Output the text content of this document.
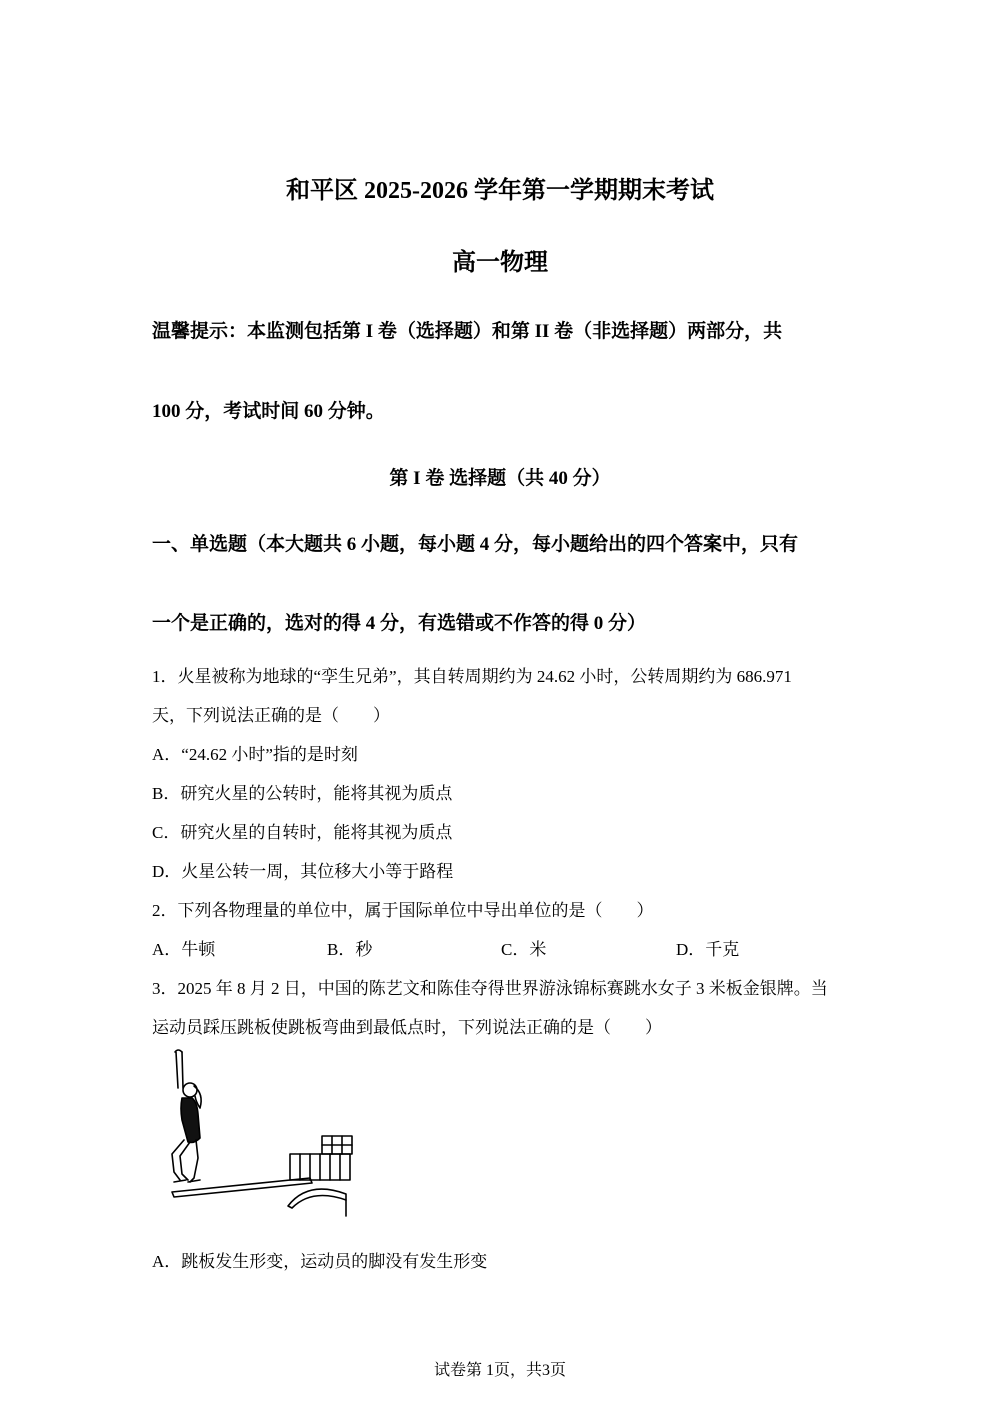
和平区 2025-2026 学年第一学期期末考试
高一物理
温馨提示：本监测包括第 I 卷（选择题）和第 II 卷（非选择题）两部分，共
100 分，考试时间 60 分钟。
第 I 卷 选择题（共 40 分）
一、单选题（本大题共 6 小题，每小题 4 分，每小题给出的四个答案中，只有
一个是正确的，选对的得 4 分，有选错或不作答的得 0 分）
1．火星被称为地球的“孪生兄弟”，其自转周期约为 24.62 小时，公转周期约为 686.971
天，下列说法正确的是（　　）
A．“24.62 小时”指的是时刻
B．研究火星的公转时，能将其视为质点
C．研究火星的自转时，能将其视为质点
D．火星公转一周，其位移大小等于路程
2．下列各物理量的单位中，属于国际单位中导出单位的是（　　）
A．牛顿	B．秒	C．米	D．千克
3．2025 年 8 月 2 日，中国的陈艺文和陈佳夺得世界游泳锦标赛跳水女子 3 米板金银牌。当
运动员踩压跳板使跳板弯曲到最低点时，下列说法正确的是（　　）
A．跳板发生形变，运动员的脚没有发生形变
试卷第 1页，共3页
